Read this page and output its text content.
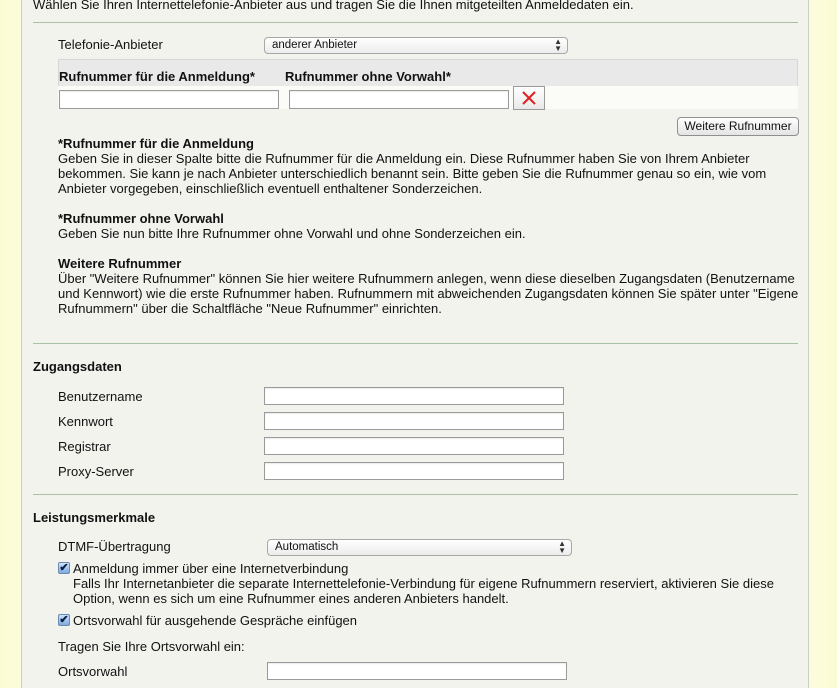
Wählen Sie Ihren Internettelefonie-Anbieter aus und tragen Sie die Ihnen mitgeteilten Anmeldedaten ein.
Telefonie-Anbieter	anderer Anbieter	▲
▼
Rufnummer für die Anmeldung* Rufnummer ohne Vorwahl*
Weitere Rufnummer
*Rufnummer für die Anmeldung
Geben Sie in dieser Spalte bitte die Rufnummer für die Anmeldung ein. Diese Rufnummer haben Sie von Ihrem Anbieter
bekommen. Sie kann je nach Anbieter unterschiedlich benannt sein. Bitte geben Sie die Rufnummer genau so ein, wie vom
Anbieter vorgegeben, einschließlich eventuell enthaltener Sonderzeichen.
*Rufnummer ohne Vorwahl
Geben Sie nun bitte Ihre Rufnummer ohne Vorwahl und ohne Sonderzeichen ein.
Weitere Rufnummer
Über "Weitere Rufnummer" können Sie hier weitere Rufnummern anlegen, wenn diese dieselben Zugangsdaten (Benutzername
und Kennwort) wie die erste Rufnummer haben. Rufnummern mit abweichenden Zugangsdaten können Sie später unter "Eigene
Rufnummern" über die Schaltfläche "Neue Rufnummer" einrichten.
Zugangsdaten
Benutzername
Kennwort
Registrar
Proxy-Server
Leistungsmerkmale
DTMF-Übertragung	Automatisch	▲
▼
✔ Anmeldung immer über eine Internetverbindung
Falls Ihr Internetanbieter die separate Internettelefonie-Verbindung für eigene Rufnummern reserviert, aktivieren Sie diese
Option, wenn es sich um eine Rufnummer eines anderen Anbieters handelt.
✔ Ortsvorwahl für ausgehende Gespräche einfügen
Tragen Sie Ihre Ortsvorwahl ein:
Ortsvorwahl
